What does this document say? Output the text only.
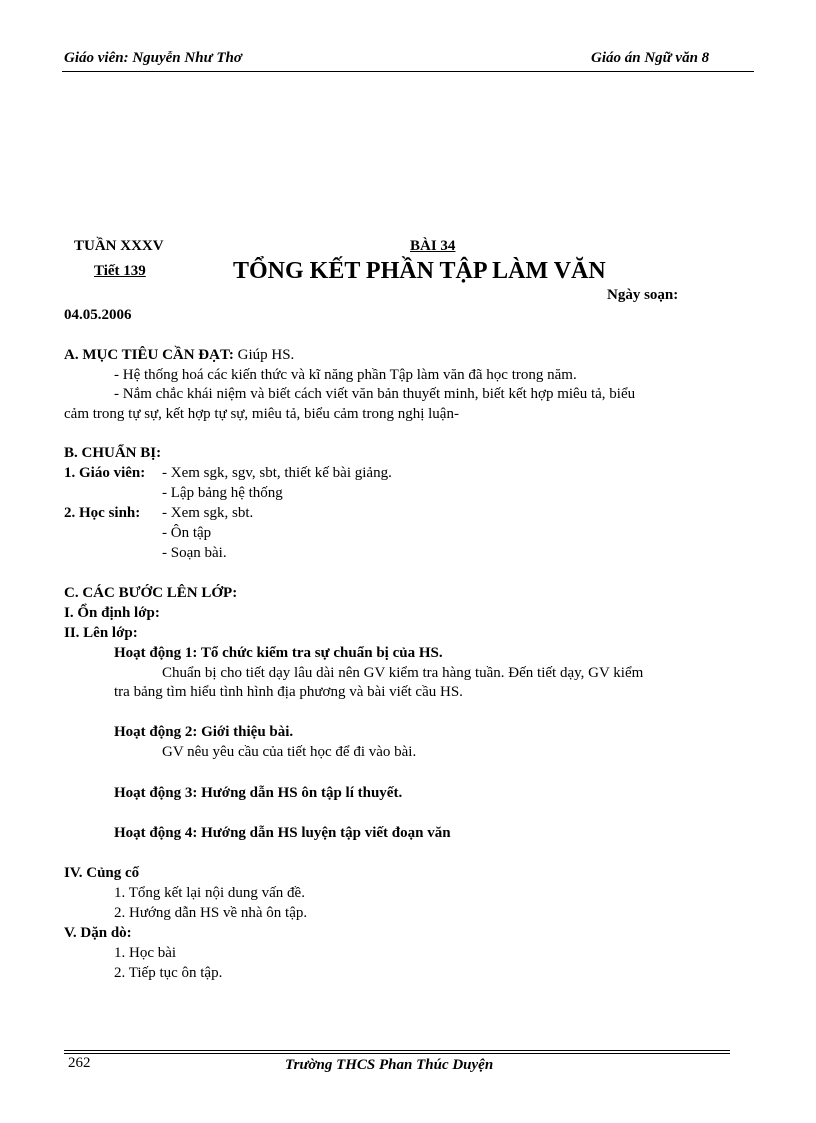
Giáo viên: Nguyễn Như Thơ	Giáo án Ngữ văn 8
TUẦN XXXV
Tiết 139
BÀI 34
TỔNG KẾT PHẦN TẬP LÀM VĂN
Ngày soạn:
04.05.2006
A. MỤC TIÊU CẦN ĐẠT: Giúp HS.
- Hệ thống hoá các kiến thức và kĩ năng phần Tập làm văn đã học trong năm.
- Nắm chắc khái niệm và biết cách viết văn bản thuyết minh, biết kết hợp miêu tả, biểu
cảm trong tự sự, kết hợp tự sự, miêu tả, biểu cảm trong nghị luận-
B. CHUẨN BỊ:
1. Giáo viên: - Xem sgk, sgv, sbt, thiết kế bài giảng.
- Lập bảng hệ thống
2. Học sinh: - Xem sgk, sbt.
- Ôn tập
- Soạn bài.
C. CÁC BƯỚC LÊN LỚP:
I. Ổn định lớp:
II. Lên lớp:
Hoạt động 1: Tổ chức kiểm tra sự chuẩn bị của HS.
Chuẩn bị cho tiết dạy lâu dài nên GV kiểm tra hàng tuần. Đến tiết dạy, GV kiểm
tra bảng tìm hiểu tình hình địa phương và bài viết cầu HS.
Hoạt động 2: Giới thiệu bài.
GV nêu yêu cầu của tiết học để đi vào bài.
Hoạt động 3: Hướng dẫn HS ôn tập lí thuyết.
Hoạt động 4: Hướng dẫn HS luyện tập viết đoạn văn
IV. Củng cố
1. Tổng kết lại nội dung vấn đề.
2. Hướng dẫn HS về nhà ôn tập.
V. Dặn dò:
1. Học bài
2. Tiếp tục ôn tập.
262	Trường THCS Phan Thúc Duyện
